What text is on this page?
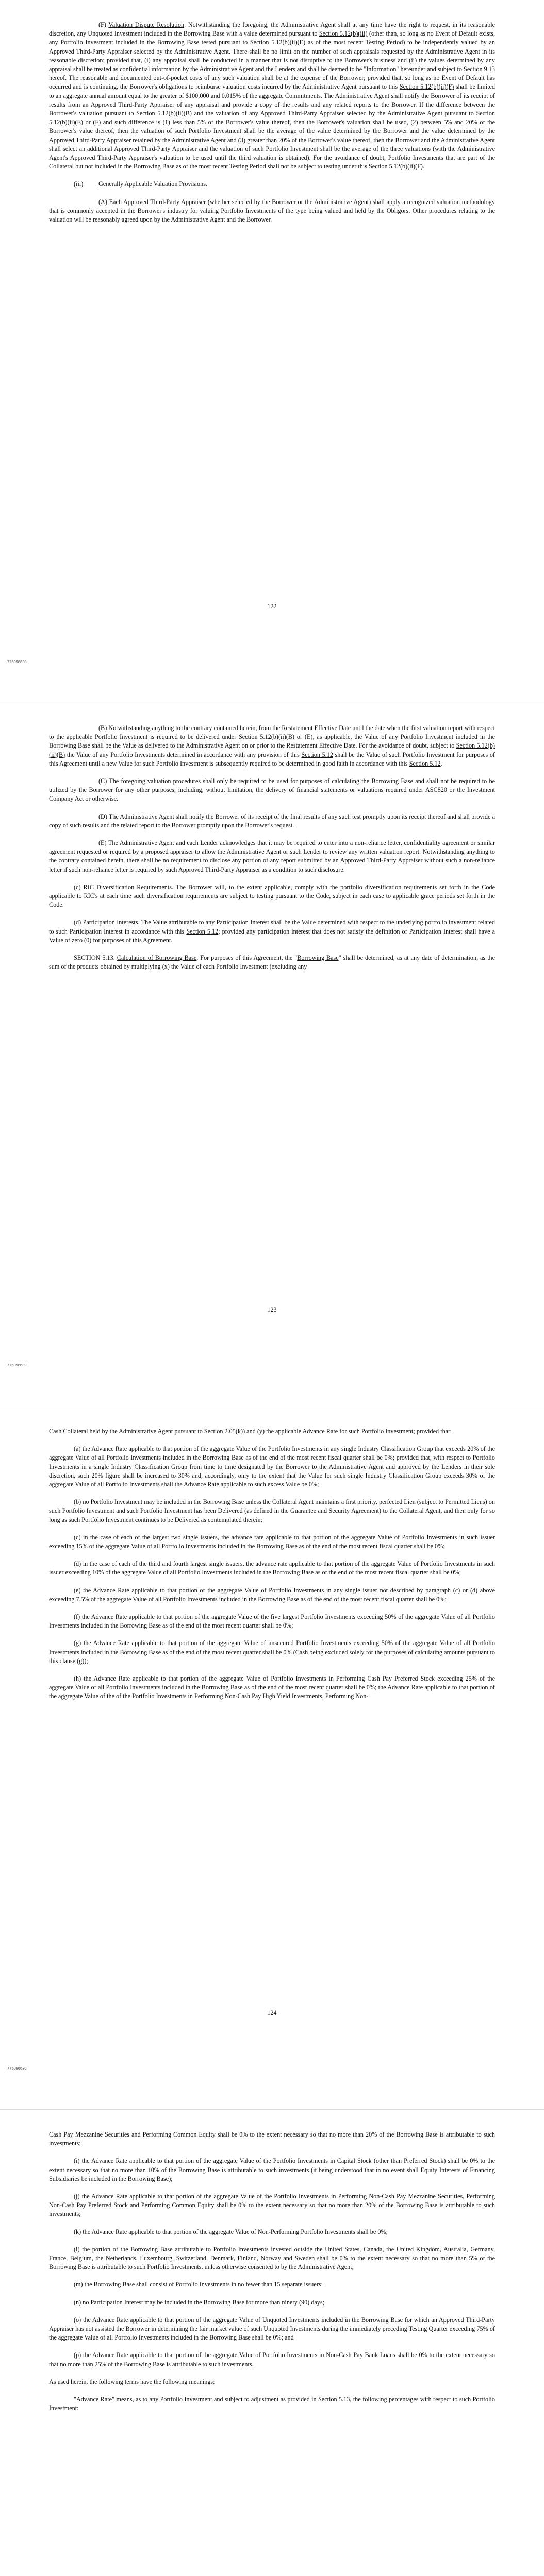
(F) Valuation Dispute Resolution. Notwithstanding the foregoing, the Administrative Agent shall at any time have the right to request, in its reasonable discretion, any Unquoted Investment included in the Borrowing Base with a value determined pursuant to Section 5.12(b)(iii) (other than, so long as no Event of Default exists, any Portfolio Investment included in the Borrowing Base tested pursuant to Section 5.12(b)(ii)(E) as of the most recent Testing Period) to be independently valued by an Approved Third-Party Appraiser selected by the Administrative Agent. There shall be no limit on the number of such appraisals requested by the Administrative Agent in its reasonable discretion; provided that, (i) any appraisal shall be conducted in a manner that is not disruptive to the Borrower's business and (ii) the values determined by any appraisal shall be treated as confidential information by the Administrative Agent and the Lenders and shall be deemed to be "Information" hereunder and subject to Section 9.13 hereof. The reasonable and documented out-of-pocket costs of any such valuation shall be at the expense of the Borrower; provided that, so long as no Event of Default has occurred and is continuing, the Borrower's obligations to reimburse valuation costs incurred by the Administrative Agent pursuant to this Section 5.12(b)(ii)(F) shall be limited to an aggregate annual amount equal to the greater of $100,000 and 0.015% of the aggregate Commitments. The Administrative Agent shall notify the Borrower of its receipt of results from an Approved Third-Party Appraiser of any appraisal and provide a copy of the results and any related reports to the Borrower. If the difference between the Borrower's valuation pursuant to Section 5.12(b)(ii)(B) and the valuation of any Approved Third-Party Appraiser selected by the Administrative Agent pursuant to Section 5.12(b)(ii)(E) or (F) and such difference is (1) less than 5% of the Borrower's value thereof, then the Borrower's valuation shall be used, (2) between 5% and 20% of the Borrower's value thereof, then the valuation of such Portfolio Investment shall be the average of the value determined by the Borrower and the value determined by the Approved Third-Party Appraiser retained by the Administrative Agent and (3) greater than 20% of the Borrower's value thereof, then the Borrower and the Administrative Agent shall select an additional Approved Third-Party Appraiser and the valuation of such Portfolio Investment shall be the average of the three valuations (with the Administrative Agent's Approved Third-Party Appraiser's valuation to be used until the third valuation is obtained). For the avoidance of doubt, Portfolio Investments that are part of the Collateral but not included in the Borrowing Base as of the most recent Testing Period shall not be subject to testing under this Section 5.12(b)(ii)(F).

(iii) Generally Applicable Valuation Provisions.

(A) Each Approved Third-Party Appraiser (whether selected by the Borrower or the Administrative Agent) shall apply a recognized valuation methodology that is commonly accepted in the Borrower's industry for valuing Portfolio Investments of the type being valued and held by the Obligors. Other procedures relating to the valuation will be reasonably agreed upon by the Administrative Agent and the Borrower.

122
775096630

(B) Notwithstanding anything to the contrary contained herein, from the Restatement Effective Date until the date when the first valuation report with respect to the applicable Portfolio Investment is required to be delivered under Section 5.12(b)(ii)(B) or (E), as applicable, the Value of any Portfolio Investment included in the Borrowing Base shall be the Value as delivered to the Administrative Agent on or prior to the Restatement Effective Date. For the avoidance of doubt, subject to Section 5.12(b)(ii)(B) the Value of any Portfolio Investments determined in accordance with any provision of this Section 5.12 shall be the Value of such Portfolio Investment for purposes of this Agreement until a new Value for such Portfolio Investment is subsequently required to be determined in good faith in accordance with this Section 5.12.

(C) The foregoing valuation procedures shall only be required to be used for purposes of calculating the Borrowing Base and shall not be required to be utilized by the Borrower for any other purposes, including, without limitation, the delivery of financial statements or valuations required under ASC820 or the Investment Company Act or otherwise.

(D) The Administrative Agent shall notify the Borrower of its receipt of the final results of any such test promptly upon its receipt thereof and shall provide a copy of such results and the related report to the Borrower promptly upon the Borrower's request.

(E) The Administrative Agent and each Lender acknowledges that it may be required to enter into a non-reliance letter, confidentiality agreement or similar agreement requested or required by a proposed appraiser to allow the Administrative Agent or such Lender to review any written valuation report. Notwithstanding anything to the contrary contained herein, there shall be no requirement to disclose any portion of any report submitted by an Approved Third-Party Appraiser without such a non-reliance letter if such non-reliance letter is required by such Approved Third-Party Appraiser as a condition to such disclosure.

(c) RIC Diversification Requirements. The Borrower will, to the extent applicable, comply with the portfolio diversification requirements set forth in the Code applicable to RIC's at each time such diversification requirements are subject to testing pursuant to the Code, subject in each case to applicable grace periods set forth in the Code.

(d) Participation Interests. The Value attributable to any Participation Interest shall be the Value determined with respect to the underlying portfolio investment related to such Participation Interest in accordance with this Section 5.12; provided any participation interest that does not satisfy the definition of Participation Interest shall have a Value of zero (0) for purposes of this Agreement.

SECTION 5.13. Calculation of Borrowing Base. For purposes of this Agreement, the "Borrowing Base" shall be determined, as at any date of determination, as the sum of the products obtained by multiplying (x) the Value of each Portfolio Investment (excluding any

123
775096630

Cash Collateral held by the Administrative Agent pursuant to Section 2.05(k)) and (y) the applicable Advance Rate for such Portfolio Investment; provided that:

(a) the Advance Rate applicable to that portion of the aggregate Value of the Portfolio Investments in any single Industry Classification Group that exceeds 20% of the aggregate Value of all Portfolio Investments included in the Borrowing Base as of the end of the most recent fiscal quarter shall be 0%; provided that, with respect to Portfolio Investments in a single Industry Classification Group from time to time designated by the Borrower to the Administrative Agent and approved by the Lenders in their sole discretion, such 20% figure shall be increased to 30% and, accordingly, only to the extent that the Value for such single Industry Classification Group exceeds 30% of the aggregate Value of all Portfolio Investments shall the Advance Rate applicable to such excess Value be 0%;

(b) no Portfolio Investment may be included in the Borrowing Base unless the Collateral Agent maintains a first priority, perfected Lien (subject to Permitted Liens) on such Portfolio Investment and such Portfolio Investment has been Delivered (as defined in the Guarantee and Security Agreement) to the Collateral Agent, and then only for so long as such Portfolio Investment continues to be Delivered as contemplated therein;

(c) in the case of each of the largest two single issuers, the advance rate applicable to that portion of the aggregate Value of Portfolio Investments in such issuer exceeding 15% of the aggregate Value of all Portfolio Investments included in the Borrowing Base as of the end of the most recent fiscal quarter shall be 0%;

(d) in the case of each of the third and fourth largest single issuers, the advance rate applicable to that portion of the aggregate Value of Portfolio Investments in such issuer exceeding 10% of the aggregate Value of all Portfolio Investments included in the Borrowing Base as of the end of the most recent fiscal quarter shall be 0%;

(e) the Advance Rate applicable to that portion of the aggregate Value of Portfolio Investments in any single issuer not described by paragraph (c) or (d) above exceeding 7.5% of the aggregate Value of all Portfolio Investments included in the Borrowing Base as of the end of the most recent fiscal quarter shall be 0%;

(f) the Advance Rate applicable to that portion of the aggregate Value of the five largest Portfolio Investments exceeding 50% of the aggregate Value of all Portfolio Investments included in the Borrowing Base as of the end of the most recent quarter shall be 0%;

(g) the Advance Rate applicable to that portion of the aggregate Value of unsecured Portfolio Investments exceeding 50% of the aggregate Value of all Portfolio Investments included in the Borrowing Base as of the end of the most recent quarter shall be 0% (Cash being excluded solely for the purposes of calculating amounts pursuant to this clause (g));

(h) the Advance Rate applicable to that portion of the aggregate Value of Portfolio Investments in Performing Cash Pay Preferred Stock exceeding 25% of the aggregate Value of all Portfolio Investments included in the Borrowing Base as of the end of the most recent quarter shall be 0%; the Advance Rate applicable to that portion of the aggregate Value of the of the Portfolio Investments in Performing Non-Cash Pay High Yield Investments, Performing Non-

124
775096630

Cash Pay Mezzanine Securities and Performing Common Equity shall be 0% to the extent necessary so that no more than 20% of the Borrowing Base is attributable to such investments;

(i) the Advance Rate applicable to that portion of the aggregate Value of the Portfolio Investments in Capital Stock (other than Preferred Stock) shall be 0% to the extent necessary so that no more than 10% of the Borrowing Base is attributable to such investments (it being understood that in no event shall Equity Interests of Financing Subsidiaries be included in the Borrowing Base);

(j) the Advance Rate applicable to that portion of the aggregate Value of the Portfolio Investments in Performing Non-Cash Pay Mezzanine Securities, Performing Non-Cash Pay Preferred Stock and Performing Common Equity shall be 0% to the extent necessary so that no more than 20% of the Borrowing Base is attributable to such investments;

(k) the Advance Rate applicable to that portion of the aggregate Value of Non-Performing Portfolio Investments shall be 0%;

(l) the portion of the Borrowing Base attributable to Portfolio Investments invested outside the United States, Canada, the United Kingdom, Australia, Germany, France, Belgium, the Netherlands, Luxembourg, Switzerland, Denmark, Finland, Norway and Sweden shall be 0% to the extent necessary so that no more than 5% of the Borrowing Base is attributable to such Portfolio Investments, unless otherwise consented to by the Administrative Agent;

(m) the Borrowing Base shall consist of Portfolio Investments in no fewer than 15 separate issuers;

(n) no Participation Interest may be included in the Borrowing Base for more than ninety (90) days;

(o) the Advance Rate applicable to that portion of the aggregate Value of Unquoted Investments included in the Borrowing Base for which an Approved Third-Party Appraiser has not assisted the Borrower in determining the fair market value of such Unquoted Investments during the immediately preceding Testing Quarter exceeding 75% of the aggregate Value of all Portfolio Investments included in the Borrowing Base shall be 0%; and

(p) the Advance Rate applicable to that portion of the aggregate Value of Portfolio Investments in Non-Cash Pay Bank Loans shall be 0% to the extent necessary so that no more than 25% of the Borrowing Base is attributable to such investments.

As used herein, the following terms have the following meanings:

"Advance Rate" means, as to any Portfolio Investment and subject to adjustment as provided in Section 5.13, the following percentages with respect to such Portfolio Investment:
